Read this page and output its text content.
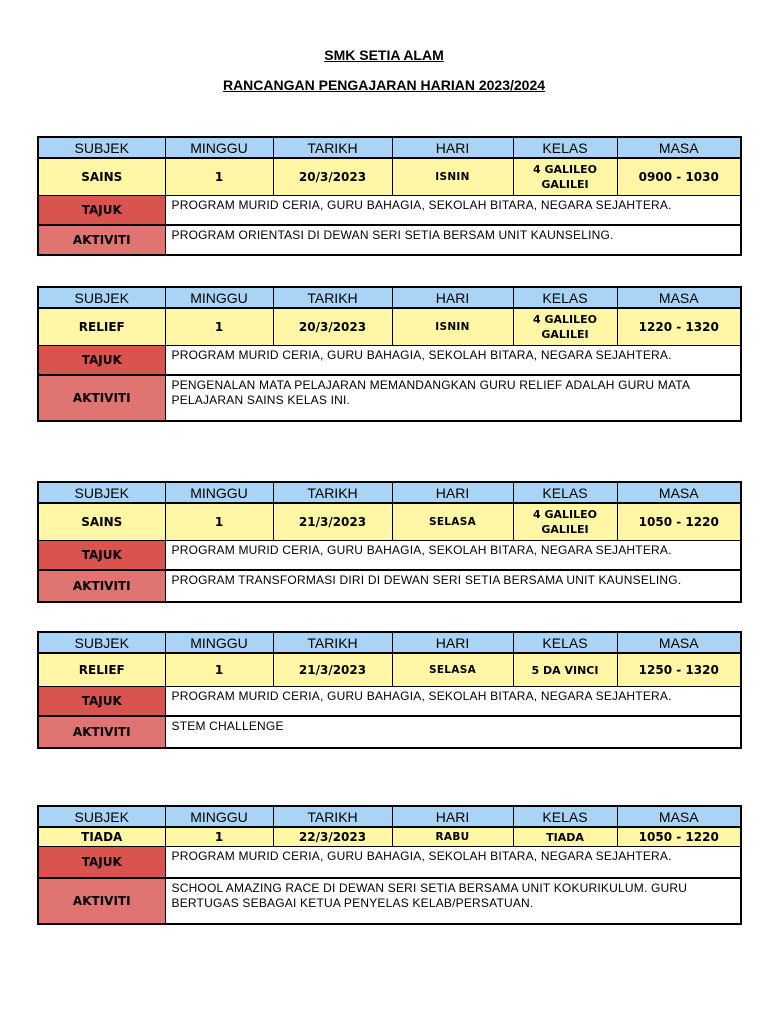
SMK SETIA ALAM
RANCANGAN PENGAJARAN HARIAN 2023/2024
SUBJEK	MINGGU	TARIKH	HARI	KELAS	MASA
SAINS	1	20/3/2023	ISNIN	4 GALILEO GALILEI	0900 - 1030
TAJUK	PROGRAM MURID CERIA, GURU BAHAGIA, SEKOLAH BITARA, NEGARA SEJAHTERA.				
AKTIVITI	PROGRAM ORIENTASI DI DEWAN SERI SETIA BERSAM UNIT KAUNSELING.				
SUBJEK	MINGGU	TARIKH	HARI	KELAS	MASA
RELIEF	1	20/3/2023	ISNIN	4 GALILEO GALILEI	1220 - 1320
TAJUK	PROGRAM MURID CERIA, GURU BAHAGIA, SEKOLAH BITARA, NEGARA SEJAHTERA.				
AKTIVITI	PENGENALAN MATA PELAJARAN MEMANDANGKAN GURU RELIEF ADALAH GURU MATA PELAJARAN SAINS KELAS INI.				
SUBJEK	MINGGU	TARIKH	HARI	KELAS	MASA
SAINS	1	21/3/2023	SELASA	4 GALILEO GALILEI	1050 - 1220
TAJUK	PROGRAM MURID CERIA, GURU BAHAGIA, SEKOLAH BITARA, NEGARA SEJAHTERA.				
AKTIVITI	PROGRAM TRANSFORMASI DIRI DI DEWAN SERI SETIA BERSAMA UNIT KAUNSELING.				
SUBJEK	MINGGU	TARIKH	HARI	KELAS	MASA
RELIEF	1	21/3/2023	SELASA	5 DA VINCI	1250 - 1320
TAJUK	PROGRAM MURID CERIA, GURU BAHAGIA, SEKOLAH BITARA, NEGARA SEJAHTERA.				
AKTIVITI	STEM CHALLENGE				
SUBJEK	MINGGU	TARIKH	HARI	KELAS	MASA
TIADA	1	22/3/2023	RABU	TIADA	1050 - 1220
TAJUK	PROGRAM MURID CERIA, GURU BAHAGIA, SEKOLAH BITARA, NEGARA SEJAHTERA.				
AKTIVITI	SCHOOL AMAZING RACE DI DEWAN SERI SETIA BERSAMA UNIT KOKURIKULUM. GURU BERTUGAS SEBAGAI KETUA PENYELAS KELAB/PERSATUAN.				
